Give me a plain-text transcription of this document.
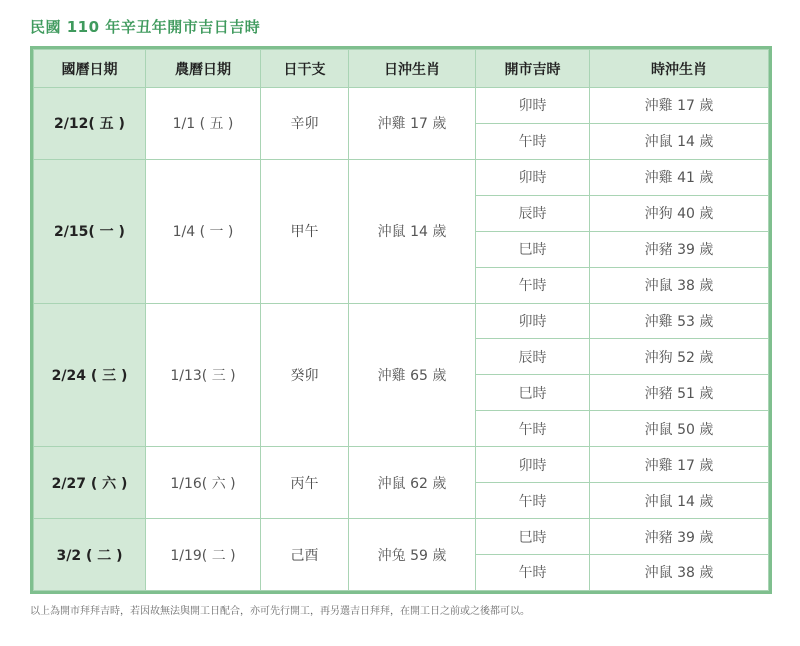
民國 110 年辛丑年開市吉日吉時
國曆日期	農曆日期	日干支	日沖生肖	開市吉時	時沖生肖
2/12( 五 )	1/1 ( 五 )	辛卯	沖雞 17 歲	卯時	沖雞 17 歲
				午時	沖鼠 14 歲
2/15( 一 )	1/4 ( 一 )	甲午	沖鼠 14 歲	卯時	沖雞 41 歲
				辰時	沖狗 40 歲
				巳時	沖豬 39 歲
				午時	沖鼠 38 歲
2/24 ( 三 )	1/13( 三 )	癸卯	沖雞 65 歲	卯時	沖雞 53 歲
				辰時	沖狗 52 歲
				巳時	沖豬 51 歲
				午時	沖鼠 50 歲
2/27 ( 六 )	1/16( 六 )	丙午	沖鼠 62 歲	卯時	沖雞 17 歲
				午時	沖鼠 14 歲
3/2 ( 二 )	1/19( 二 )	己酉	沖兔 59 歲	巳時	沖豬 39 歲
				午時	沖鼠 38 歲
以上為開市拜拜吉時，若因故無法與開工日配合，亦可先行開工，再另選吉日拜拜，在開工日之前或之後都可以。
